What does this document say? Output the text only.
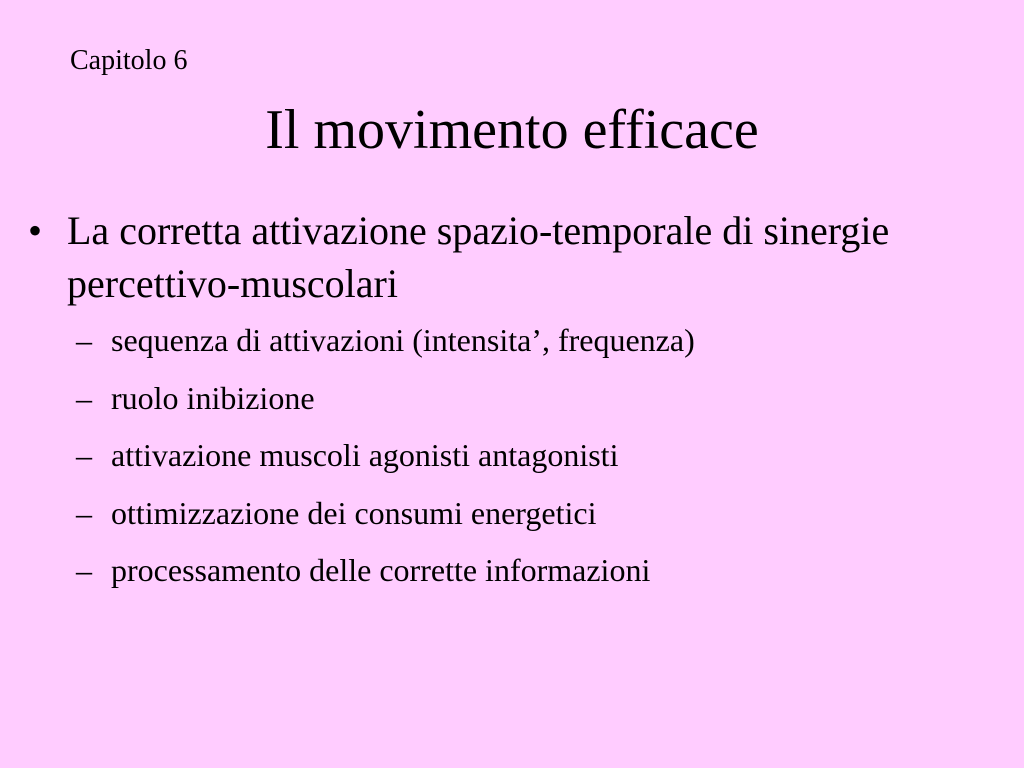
Capitolo 6
Il movimento efficace
• La corretta attivazione spazio-temporale di sinergie percettivo-muscolari
– sequenza di attivazioni (intensita’, frequenza)
– ruolo inibizione
– attivazione muscoli agonisti antagonisti
– ottimizzazione dei consumi energetici
– processamento delle corrette informazioni
